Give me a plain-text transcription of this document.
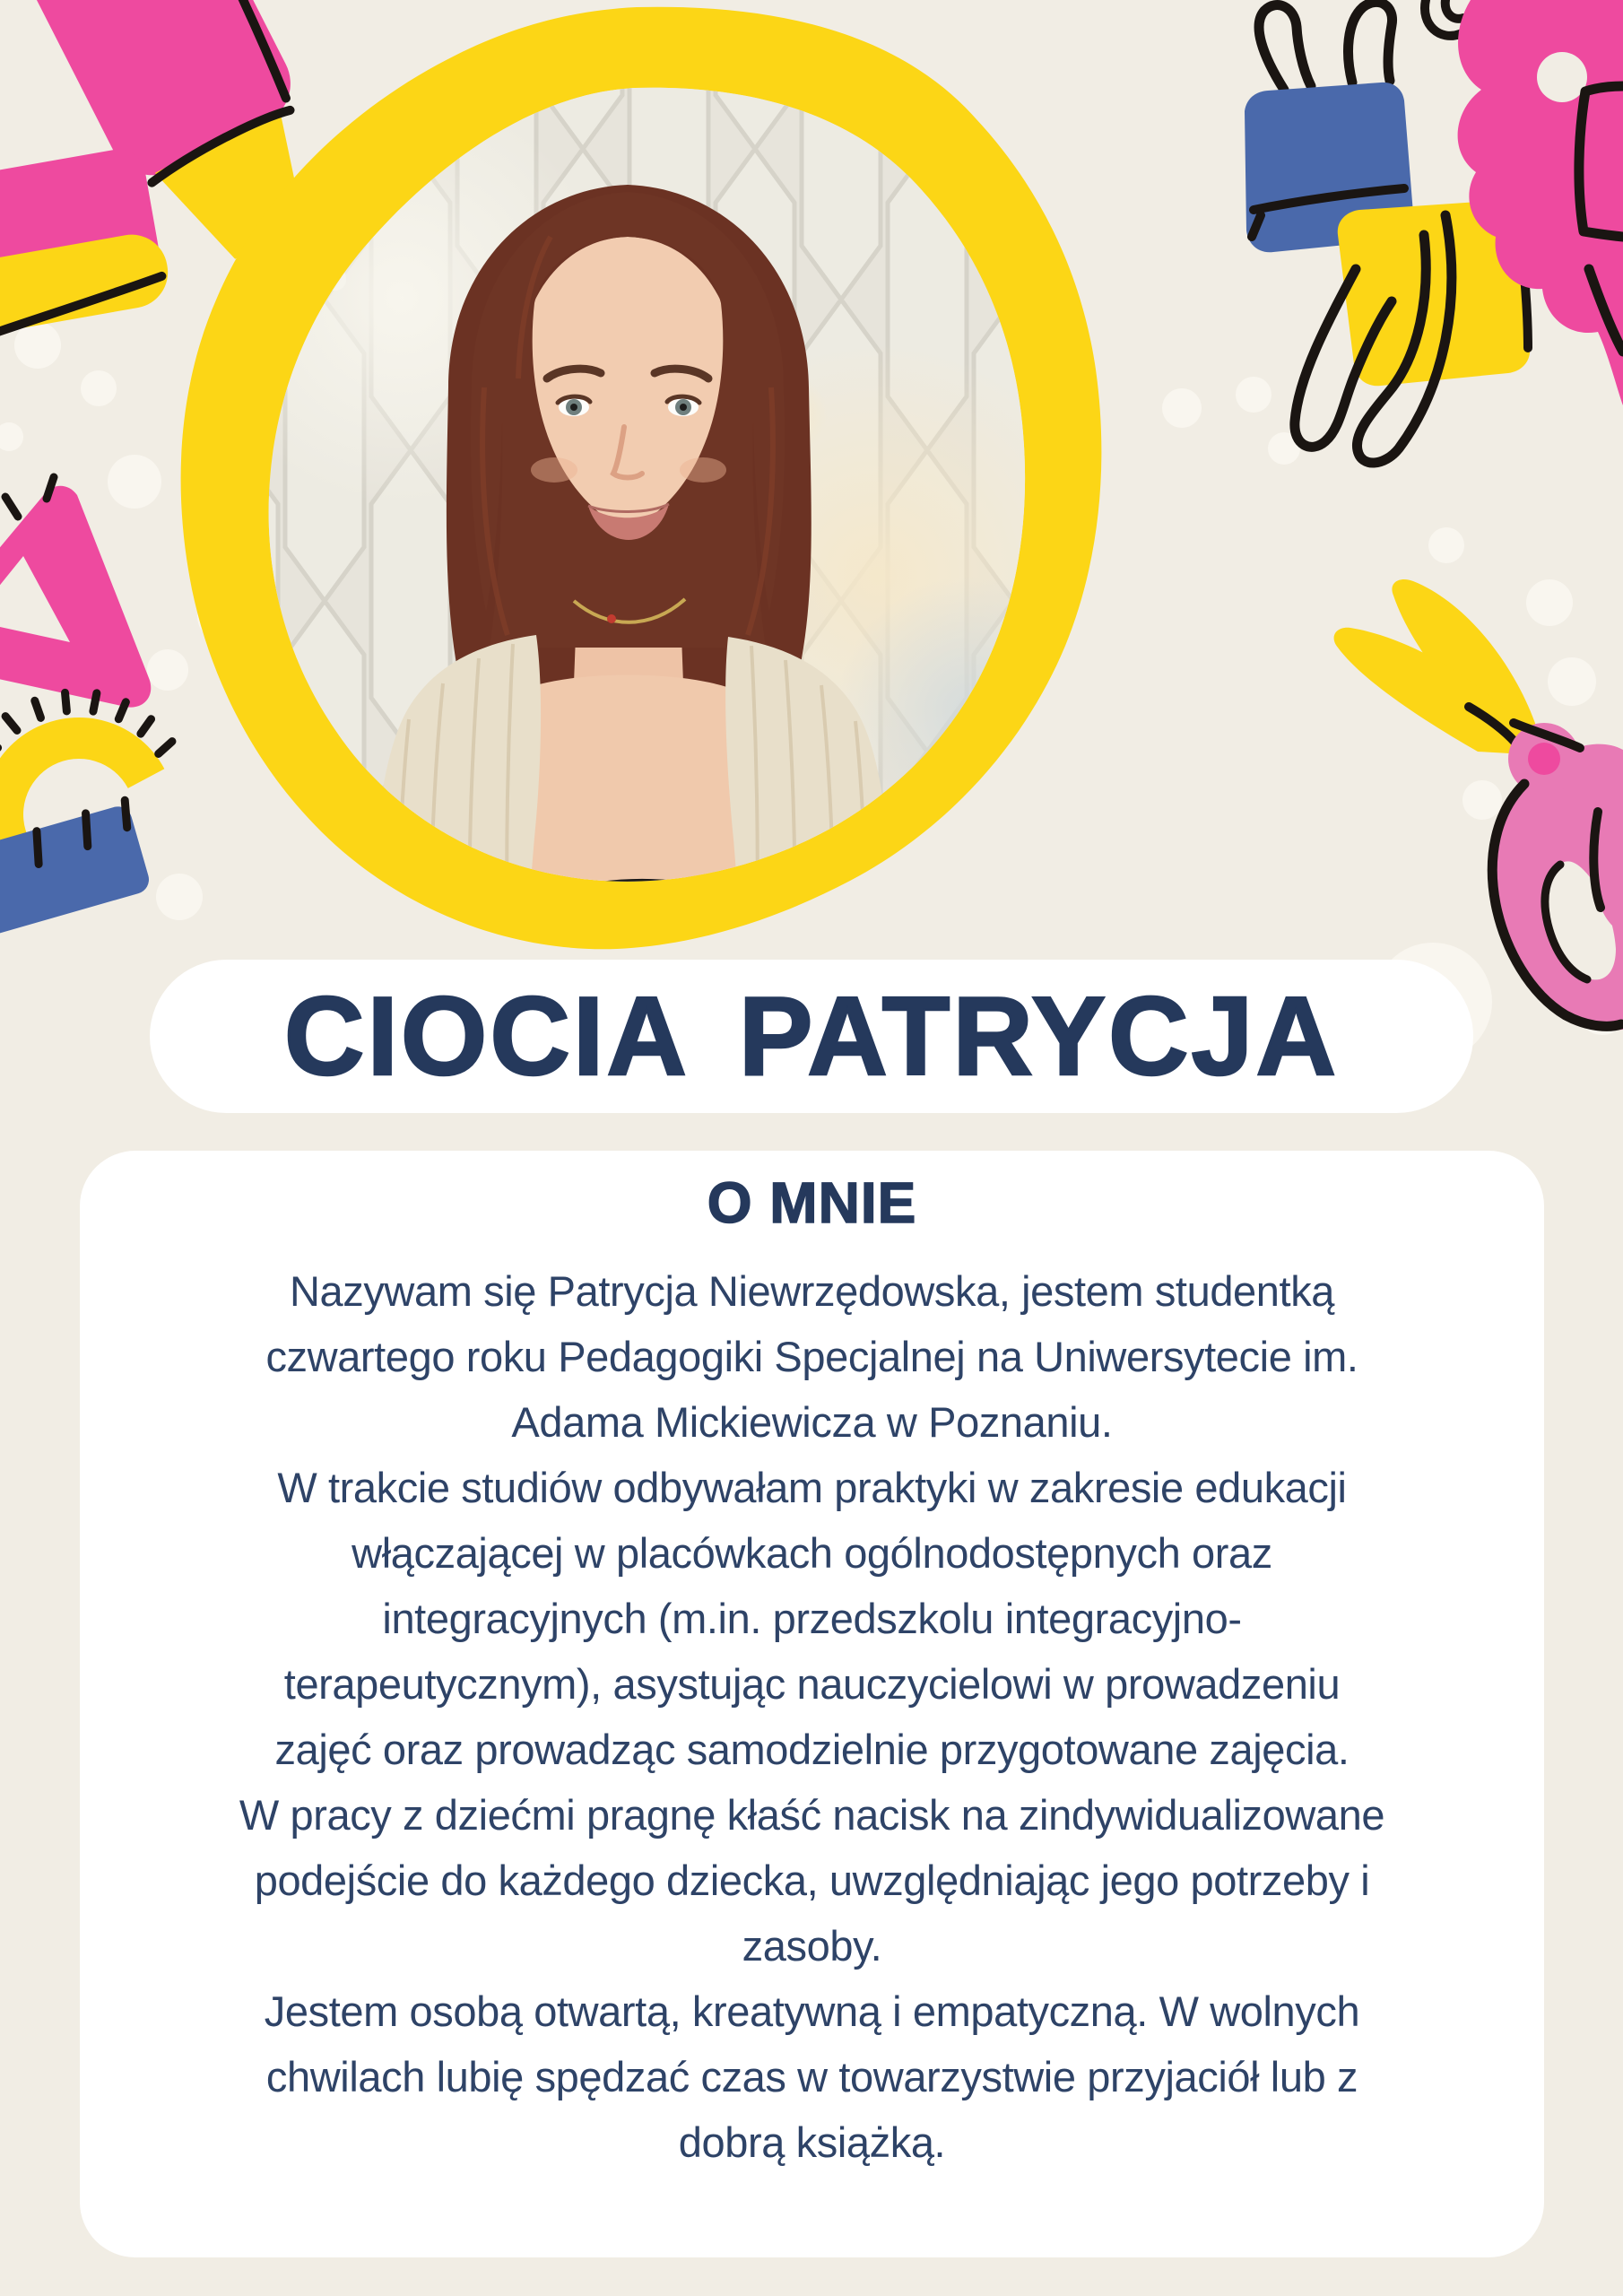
CIOCIA PATRYCJA
O MNIE
Nazywam się Patrycja Niewrzędowska, jestem studentką
czwartego roku Pedagogiki Specjalnej na Uniwersytecie im.
Adama Mickiewicza w Poznaniu.
W trakcie studiów odbywałam praktyki w zakresie edukacji
włączającej w placówkach ogólnodostępnych oraz
integracyjnych (m.in. przedszkolu integracyjno-
terapeutycznym), asystując nauczycielowi w prowadzeniu
zajęć oraz prowadząc samodzielnie przygotowane zajęcia.
W pracy z dziećmi pragnę kłaść nacisk na zindywidualizowane
podejście do każdego dziecka, uwzględniając jego potrzeby i
zasoby.
Jestem osobą otwartą, kreatywną i empatyczną. W wolnych
chwilach lubię spędzać czas w towarzystwie przyjaciół lub z
dobrą książką.
